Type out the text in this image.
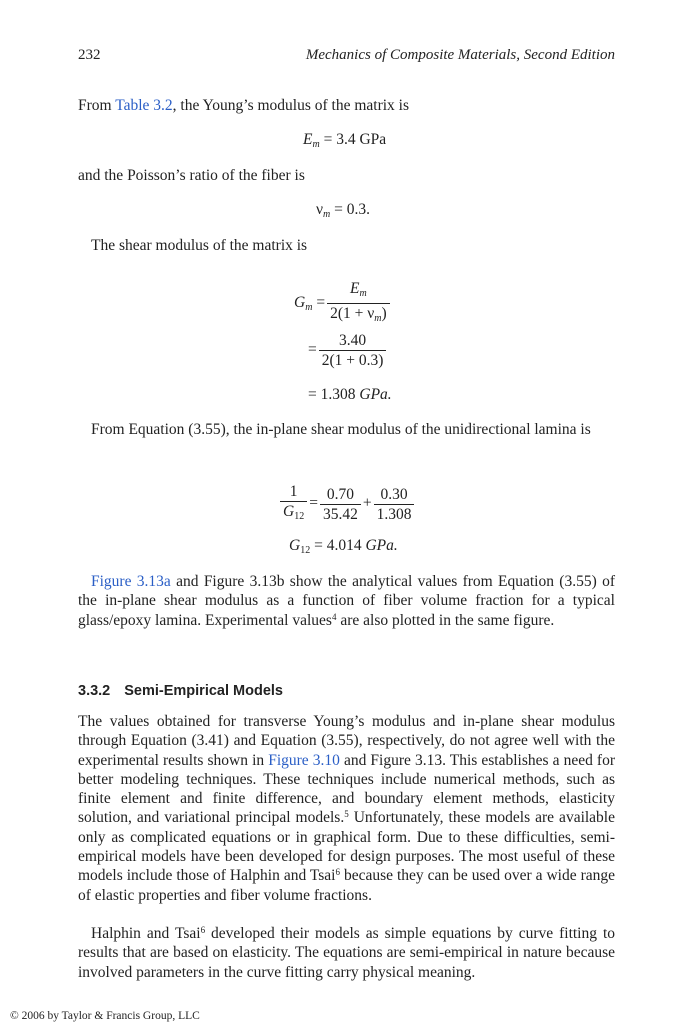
232	Mechanics of Composite Materials, Second Edition

From Table 3.2, the Young’s modulus of the matrix is

$E_m = 3.4$ GPa

and the Poisson’s ratio of the fiber is

$\nu_m = 0.3$.

The shear modulus of the matrix is

$G_m = \frac{E_m}{2(1 + \nu_m)}$
= $\frac{3.40}{2(1 + 0.3)}$
= 1.308 GPa.

From Equation (3.55), the in-plane shear modulus of the unidirectional lamina is

$\frac{1}{G_{12}} = \frac{0.70}{35.42} + \frac{0.30}{1.308}$
$G_{12} = 4.014$ GPa.

Figure 3.13a and Figure 3.13b show the analytical values from Equation (3.55) of the in-plane shear modulus as a function of fiber volume fraction for a typical glass/epoxy lamina. Experimental values$^4$ are also plotted in the same figure.

3.3.2 Semi-Empirical Models

The values obtained for transverse Young’s modulus and in-plane shear modulus through Equation (3.41) and Equation (3.55), respectively, do not agree well with the experimental results shown in Figure 3.10 and Figure 3.13. This establishes a need for better modeling techniques. These techniques include numerical methods, such as finite element and finite difference, and boundary element methods, elasticity solution, and variational principal models.$^5$ Unfortunately, these models are available only as complicated equations or in graphical form. Due to these difficulties, semi-empirical models have been developed for design purposes. The most useful of these models include those of Halphin and Tsai$^6$ because they can be used over a wide range of elastic properties and fiber volume fractions.

Halphin and Tsai$^6$ developed their models as simple equations by curve fitting to results that are based on elasticity. The equations are semi-empirical in nature because involved parameters in the curve fitting carry physical meaning.

© 2006 by Taylor & Francis Group, LLC
